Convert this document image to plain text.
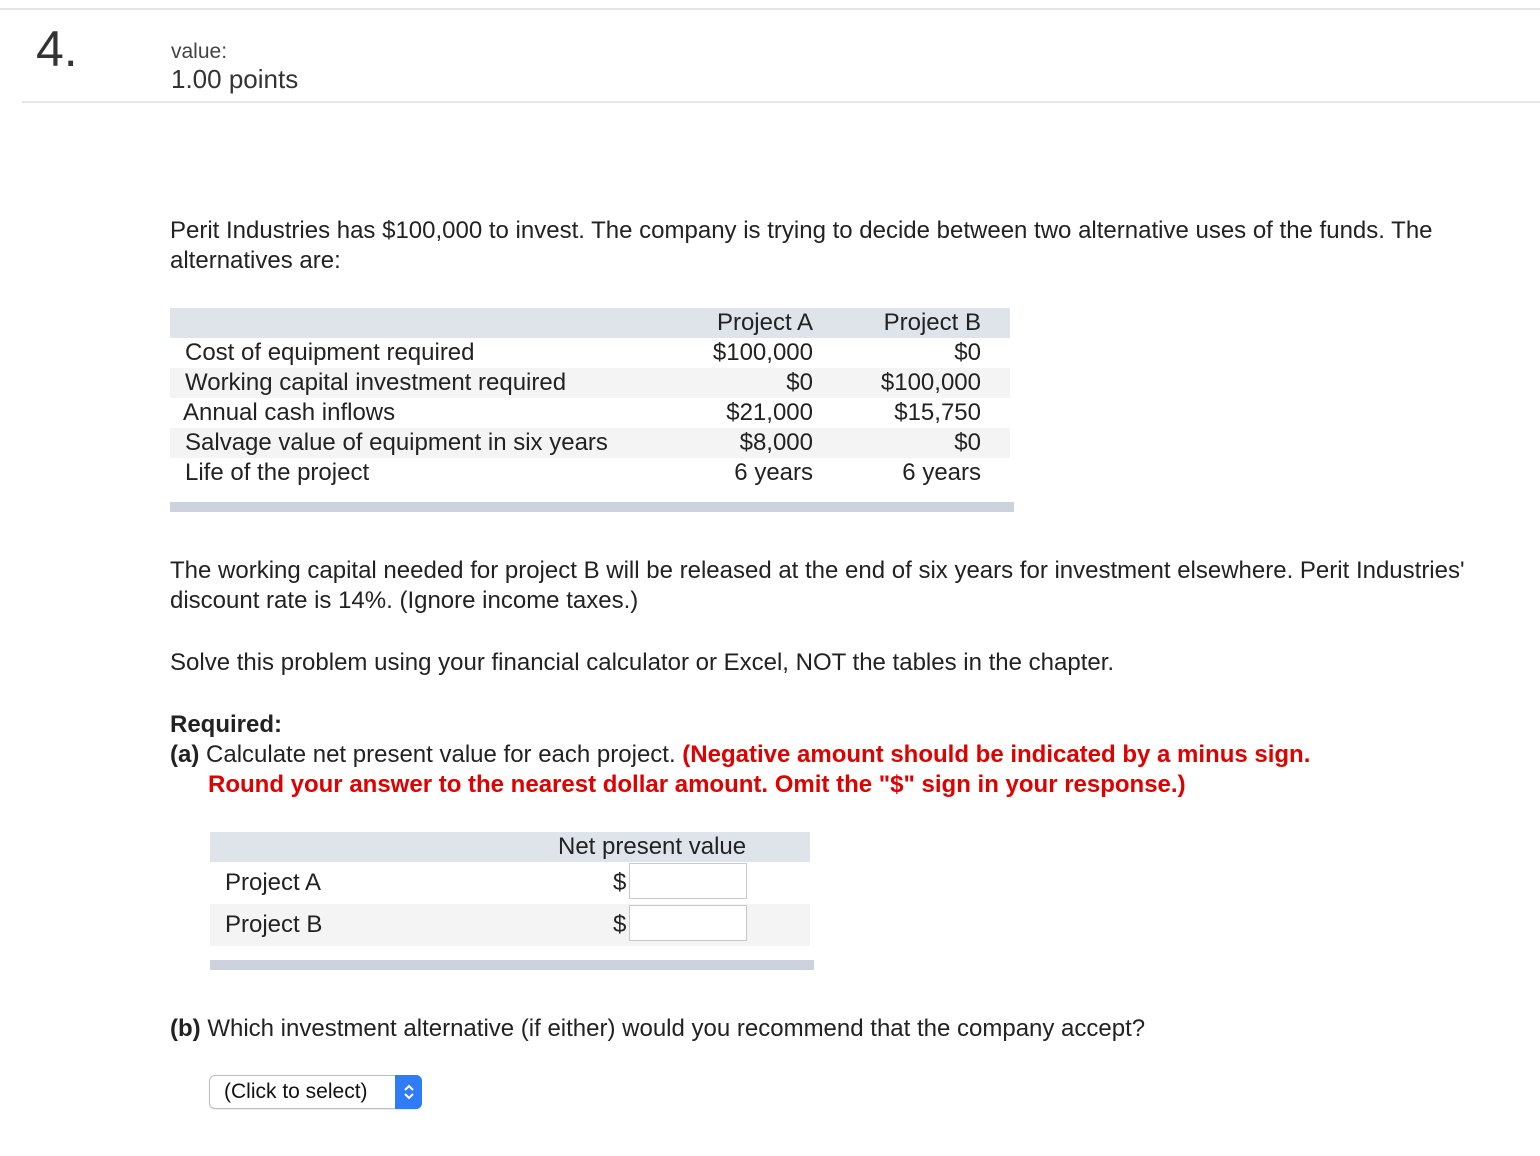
4.	value:
1.00 points
Perit Industries has $100,000 to invest. The company is trying to decide between two alternative uses of the funds. The alternatives are:
Project A	Project B
Cost of equipment required	$100,000	$0
Working capital investment required	$0	$100,000
Annual cash inflows	$21,000	$15,750
Salvage value of equipment in six years	$8,000	$0
Life of the project	6 years	6 years
The working capital needed for project B will be released at the end of six years for investment elsewhere. Perit Industries' discount rate is 14%. (Ignore income taxes.)
Solve this problem using your financial calculator or Excel, NOT the tables in the chapter.
Required:
(a) Calculate net present value for each project. (Negative amount should be indicated by a minus sign.
Round your answer to the nearest dollar amount. Omit the "$" sign in your response.)
Net present value
Project A	$
Project B	$
(b) Which investment alternative (if either) would you recommend that the company accept?
(Click to select)
